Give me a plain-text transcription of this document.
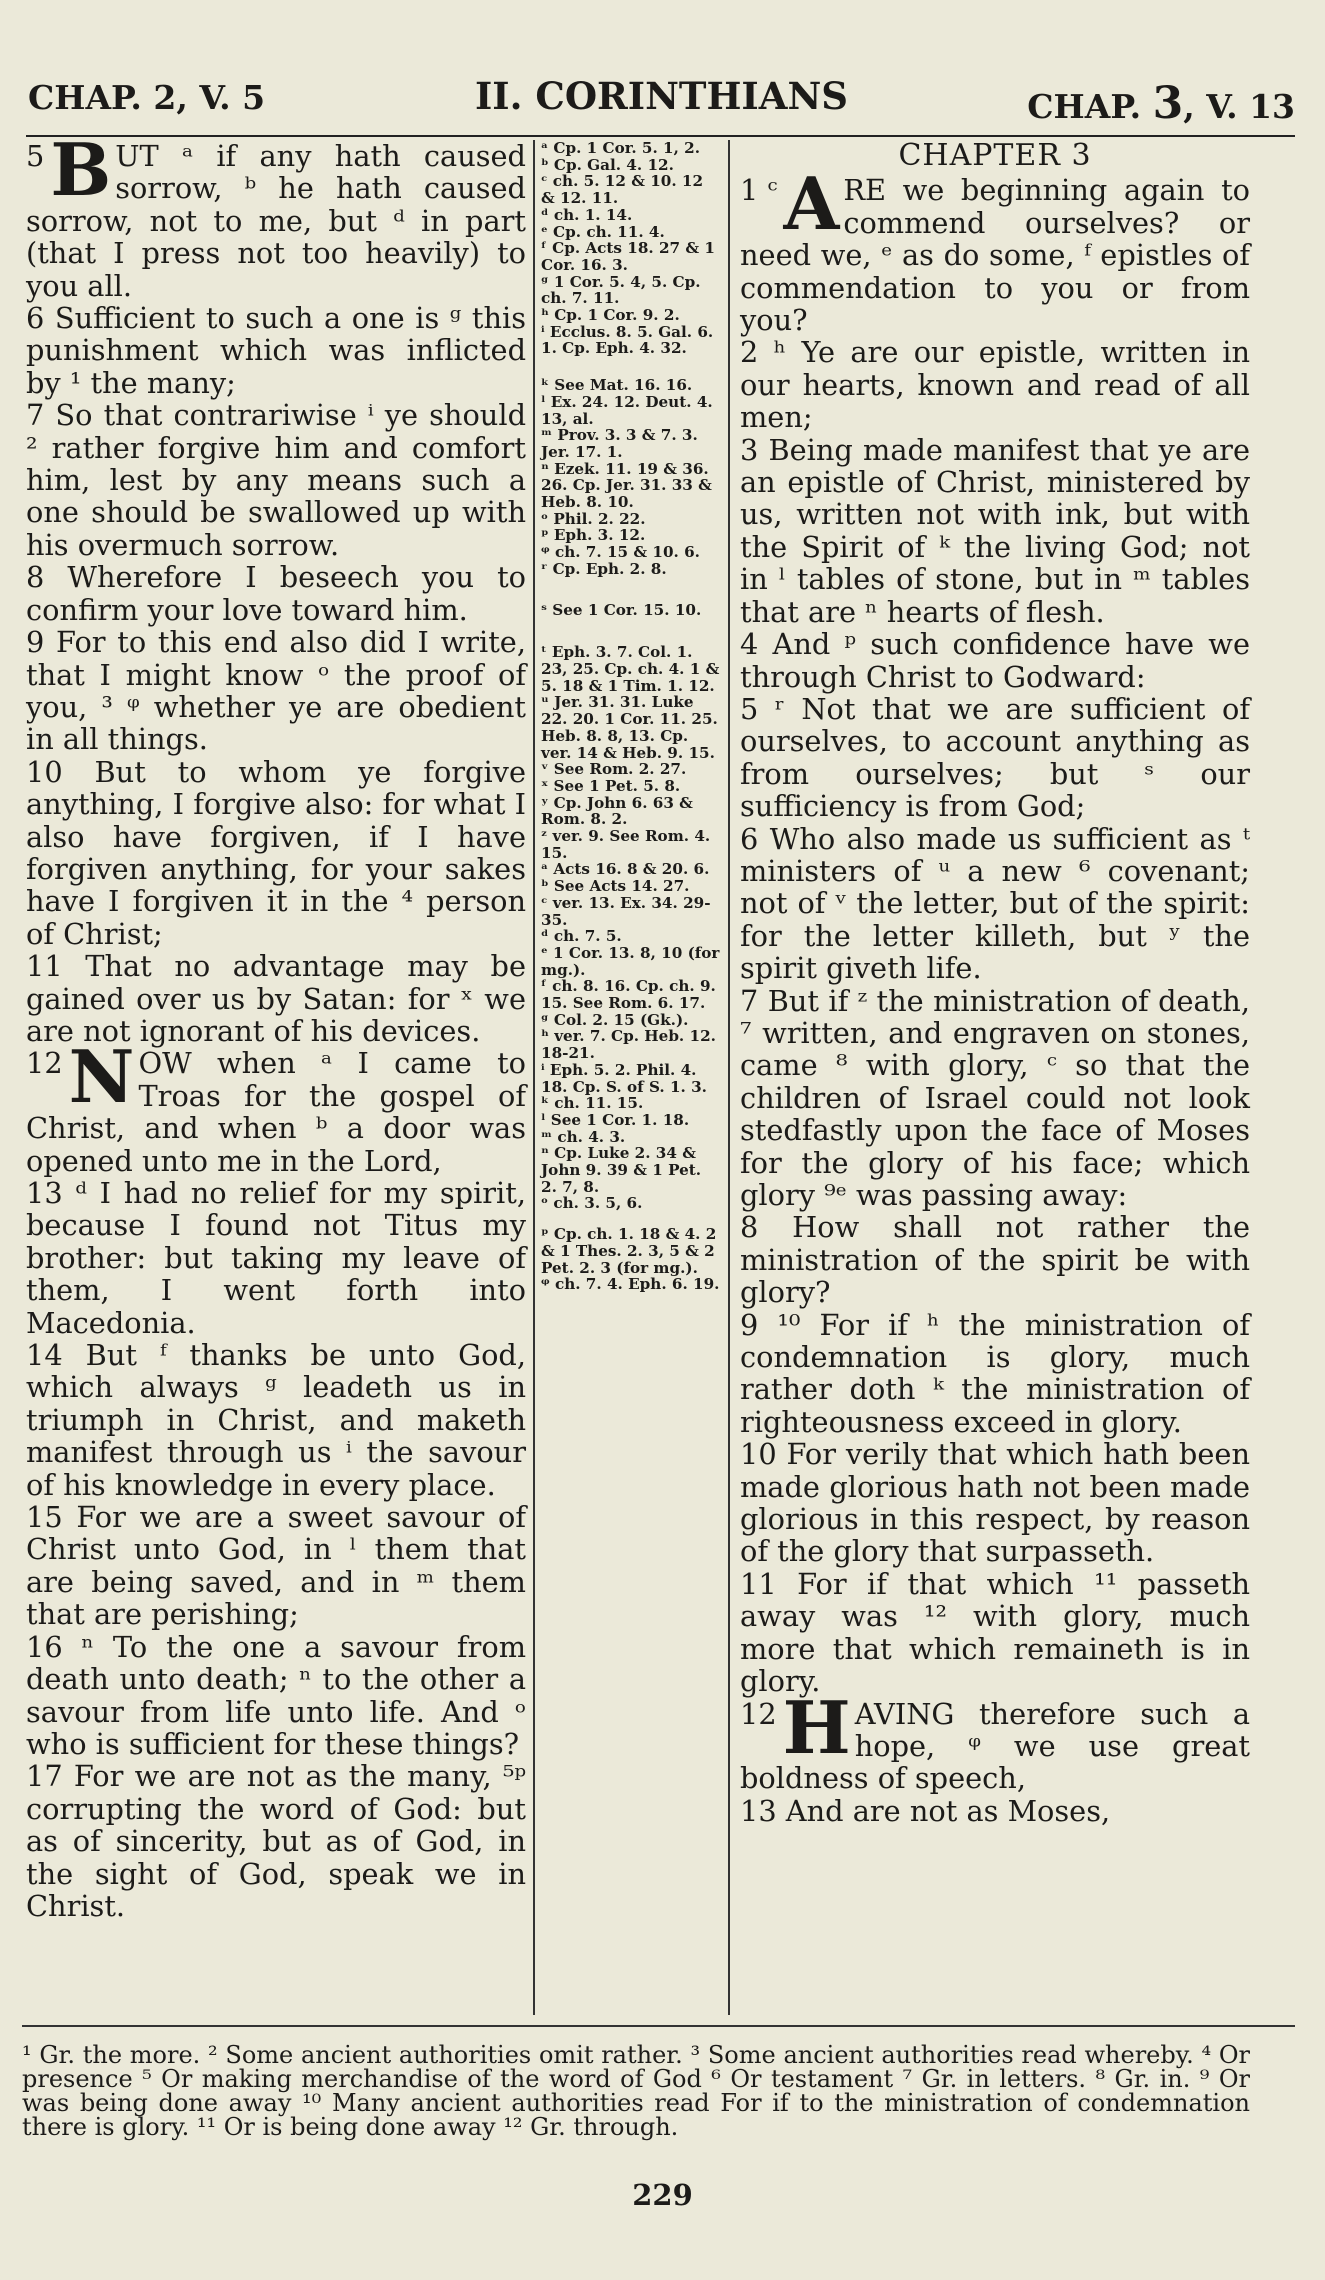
CHAP. 2, V. 5	II. CORINTHIANS	CHAP. 3, V. 13
5 B UT ᵃ if any hath caused sorrow, ᵇ he hath caused sorrow, not to me, but ᵈ in part (that I press not too heavily) to you all.
6 Sufficient to such a one is ᵍ this punishment which was inflicted by ¹ the many;
7 So that contrariwise ⁱ ye should ² rather forgive him and comfort him, lest by any means such a one should be swallowed up with his overmuch sorrow.
8 Wherefore I beseech you to confirm your love toward him.
9 For to this end also did I write, that I might know ᵒ the proof of you, ³ ᵠ whether ye are obedient in all things.
10 But to whom ye forgive anything, I forgive also: for what I also have forgiven, if I have forgiven anything, for your sakes have I forgiven it in the ⁴ person of Christ;
11 That no advantage may be gained over us by Satan: for ˣ we are not ignorant of his devices.
12 N OW when ᵃ I came to Troas for the gospel of Christ, and when ᵇ a door was opened unto me in the Lord,
13 ᵈ I had no relief for my spirit, because I found not Titus my brother: but taking my leave of them, I went forth into Macedonia.
14 But ᶠ thanks be unto God, which always ᵍ leadeth us in triumph in Christ, and maketh manifest through us ⁱ the savour of his knowledge in every place.
15 For we are a sweet savour of Christ unto God, in ˡ them that are being saved, and in ᵐ them that are perishing;
16 ⁿ To the one a savour from death unto death; ⁿ to the other a savour from life unto life. And ᵒ who is sufficient for these things?
17 For we are not as the many, ⁵ᵖ corrupting the word of God: but as of sincerity, but as of God, in the sight of God, speak we in Christ.
ᵃ Cp. 1 Cor. 5. 1, 2.
ᵇ Cp. Gal. 4. 12.
ᶜ ch. 5. 12 & 10. 12 & 12. 11.
ᵈ ch. 1. 14.
ᵉ Cp. ch. 11. 4.
ᶠ Cp. Acts 18. 27 & 1 Cor. 16. 3.
ᵍ 1 Cor. 5. 4, 5. Cp. ch. 7. 11.
ʰ Cp. 1 Cor. 9. 2.
ⁱ Ecclus. 8. 5. Gal. 6. 1. Cp. Eph. 4. 32.
ᵏ See Mat. 16. 16.
ˡ Ex. 24. 12. Deut. 4. 13, al.
ᵐ Prov. 3. 3 & 7. 3. Jer. 17. 1.
ⁿ Ezek. 11. 19 & 36. 26. Cp. Jer. 31. 33 & Heb. 8. 10.
ᵒ Phil. 2. 22.
ᵖ Eph. 3. 12.
ᵠ ch. 7. 15 & 10. 6.
ʳ Cp. Eph. 2. 8.
ˢ See 1 Cor. 15. 10.
ᵗ Eph. 3. 7. Col. 1. 23, 25. Cp. ch. 4. 1 & 5. 18 & 1 Tim. 1. 12.
ᵘ Jer. 31. 31. Luke 22. 20. 1 Cor. 11. 25. Heb. 8. 8, 13. Cp. ver. 14 & Heb. 9. 15.
ᵛ See Rom. 2. 27.
ˣ See 1 Pet. 5. 8.
ʸ Cp. John 6. 63 & Rom. 8. 2.
ᶻ ver. 9. See Rom. 4. 15.
ᵃ Acts 16. 8 & 20. 6.
ᵇ See Acts 14. 27.
ᶜ ver. 13. Ex. 34. 29-35.
ᵈ ch. 7. 5.
ᵉ 1 Cor. 13. 8, 10 (for mg.).
ᶠ ch. 8. 16. Cp. ch. 9. 15. See Rom. 6. 17.
ᵍ Col. 2. 15 (Gk.).
ʰ ver. 7. Cp. Heb. 12. 18-21.
ⁱ Eph. 5. 2. Phil. 4. 18. Cp. S. of S. 1. 3.
ᵏ ch. 11. 15.
ˡ See 1 Cor. 1. 18.
ᵐ ch. 4. 3.
ⁿ Cp. Luke 2. 34 & John 9. 39 & 1 Pet. 2. 7, 8.
ᵒ ch. 3. 5, 6.
ᵖ Cp. ch. 1. 18 & 4. 2 & 1 Thes. 2. 3, 5 & 2 Pet. 2. 3 (for mg.).
ᵠ ch. 7. 4. Eph. 6. 19.
CHAPTER 3
1 ᶜ A RE we beginning again to commend ourselves? or need we, ᵉ as do some, ᶠ epistles of commendation to you or from you?
2 ʰ Ye are our epistle, written in our hearts, known and read of all men;
3 Being made manifest that ye are an epistle of Christ, ministered by us, written not with ink, but with the Spirit of ᵏ the living God; not in ˡ tables of stone, but in ᵐ tables that are ⁿ hearts of flesh.
4 And ᵖ such confidence have we through Christ to Godward:
5 ʳ Not that we are sufficient of ourselves, to account anything as from ourselves; but ˢ our sufficiency is from God;
6 Who also made us sufficient as ᵗ ministers of ᵘ a new ⁶ covenant; not of ᵛ the letter, but of the spirit: for the letter killeth, but ʸ the spirit giveth life.
7 But if ᶻ the ministration of death, ⁷ written, and engraven on stones, came ⁸ with glory, ᶜ so that the children of Israel could not look stedfastly upon the face of Moses for the glory of his face; which glory ⁹ᵉ was passing away:
8 How shall not rather the ministration of the spirit be with glory?
9 ¹⁰ For if ʰ the ministration of condemnation is glory, much rather doth ᵏ the ministration of righteousness exceed in glory.
10 For verily that which hath been made glorious hath not been made glorious in this respect, by reason of the glory that surpasseth.
11 For if that which ¹¹ passeth away was ¹² with glory, much more that which remaineth is in glory.
12 H AVING therefore such a hope, ᵠ we use great boldness of speech,
13 And are not as Moses,
¹ Gr. the more. ² Some ancient authorities omit rather. ³ Some ancient authorities read whereby. ⁴ Or presence ⁵ Or making merchandise of the word of God ⁶ Or testament ⁷ Gr. in letters. ⁸ Gr. in. ⁹ Or was being done away ¹⁰ Many ancient authorities read For if to the ministration of condemnation there is glory. ¹¹ Or is being done away ¹² Gr. through.
229
